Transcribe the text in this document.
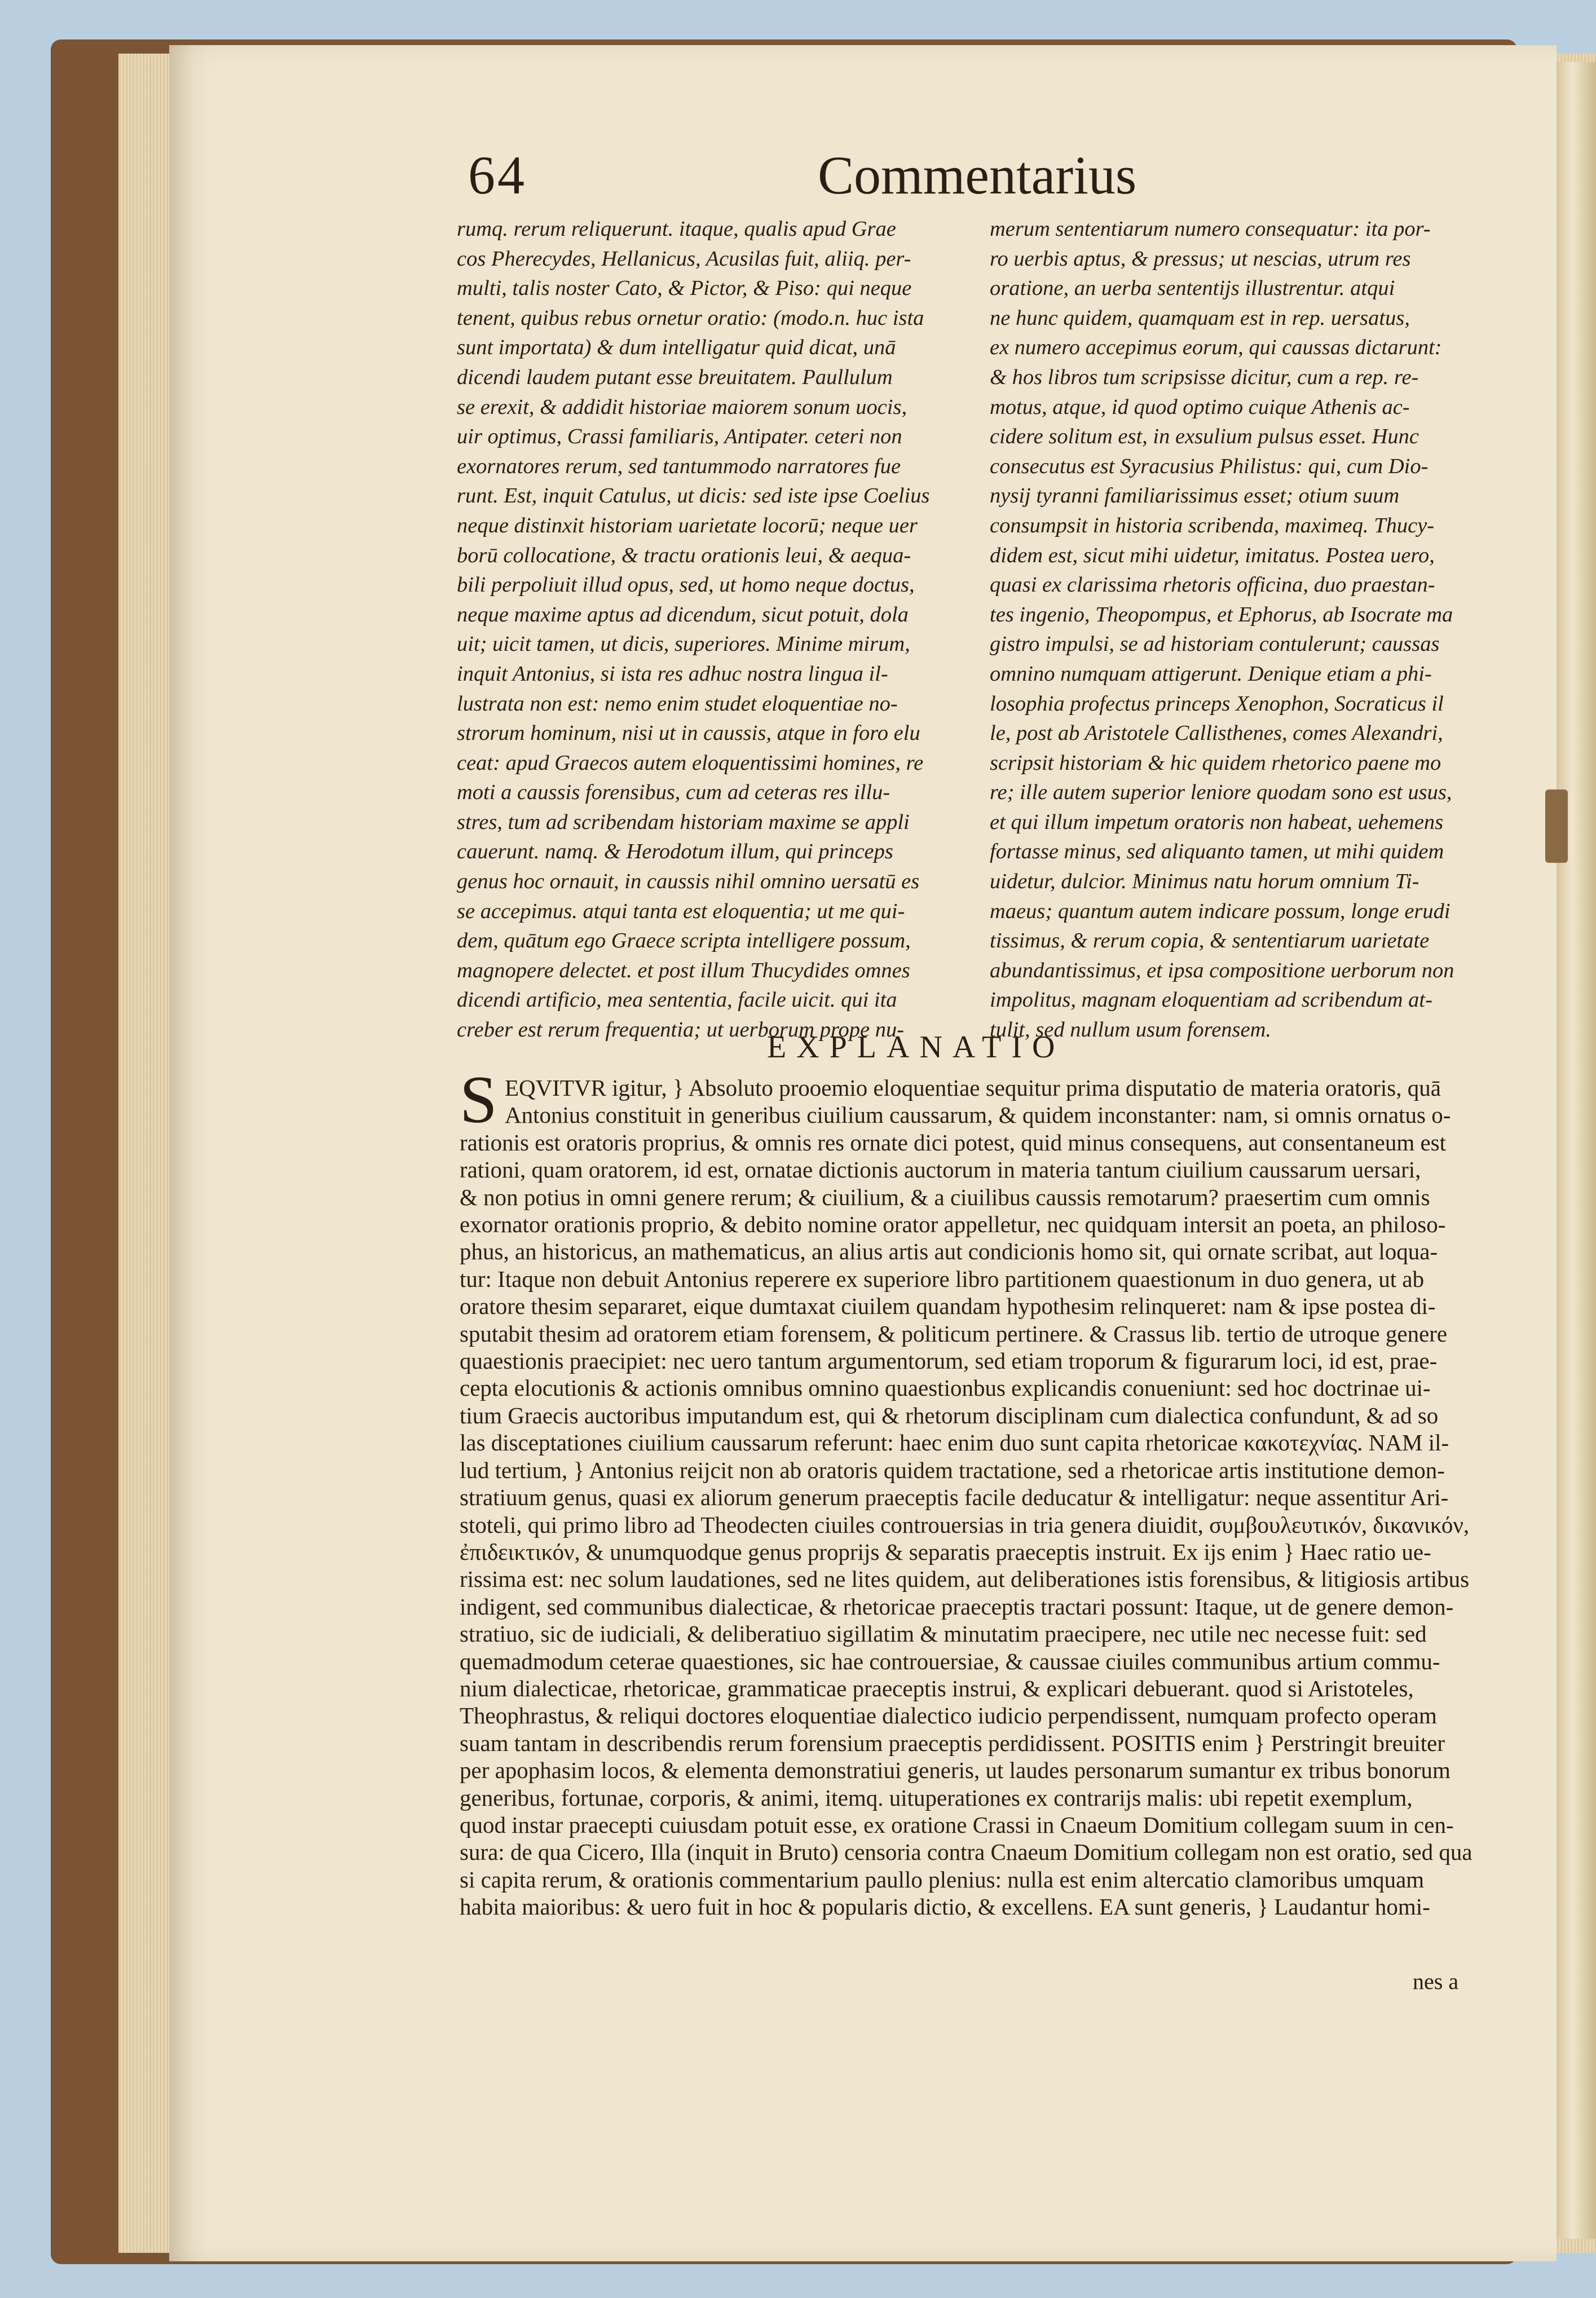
64	Commentarius
rumq. rerum reliquerunt. itaque, qualis apud Grae
cos Pherecydes, Hellanicus, Acusilas fuit, aliiq. per-
multi, talis noster Cato, & Pictor, & Piso: qui neque
tenent, quibus rebus ornetur oratio: (modo.n. huc ista
sunt importata) & dum intelligatur quid dicat, unā
dicendi laudem putant esse breuitatem. Paullulum
se erexit, & addidit historiae maiorem sonum uocis,
uir optimus, Crassi familiaris, Antipater. ceteri non
exornatores rerum, sed tantummodo narratores fue
runt. Est, inquit Catulus, ut dicis: sed iste ipse Coelius
neque distinxit historiam uarietate locorū; neque uer
borū collocatione, & tractu orationis leui, & aequa-
bili perpoliuit illud opus, sed, ut homo neque doctus,
neque maxime aptus ad dicendum, sicut potuit, dola
uit; uicit tamen, ut dicis, superiores. Minime mirum,
inquit Antonius, si ista res adhuc nostra lingua il-
lustrata non est: nemo enim studet eloquentiae no-
strorum hominum, nisi ut in caussis, atque in foro elu
ceat: apud Graecos autem eloquentissimi homines, re
moti a caussis forensibus, cum ad ceteras res illu-
stres, tum ad scribendam historiam maxime se appli
cauerunt. namq. & Herodotum illum, qui princeps
genus hoc ornauit, in caussis nihil omnino uersatū es
se accepimus. atqui tanta est eloquentia; ut me qui-
dem, quātum ego Graece scripta intelligere possum,
magnopere delectet. et post illum Thucydides omnes
dicendi artificio, mea sententia, facile uicit. qui ita
creber est rerum frequentia; ut uerborum prope nu-
merum sententiarum numero consequatur: ita por-
ro uerbis aptus, & pressus; ut nescias, utrum res
oratione, an uerba sententijs illustrentur. atqui
ne hunc quidem, quamquam est in rep. uersatus,
ex numero accepimus eorum, qui caussas dictarunt:
& hos libros tum scripsisse dicitur, cum a rep. re-
motus, atque, id quod optimo cuique Athenis ac-
cidere solitum est, in exsulium pulsus esset. Hunc
consecutus est Syracusius Philistus: qui, cum Dio-
nysij tyranni familiarissimus esset; otium suum
consumpsit in historia scribenda, maximeq. Thucy-
didem est, sicut mihi uidetur, imitatus. Postea uero,
quasi ex clarissima rhetoris officina, duo praestan-
tes ingenio, Theopompus, et Ephorus, ab Isocrate ma
gistro impulsi, se ad historiam contulerunt; caussas
omnino numquam attigerunt. Denique etiam a phi-
losophia profectus princeps Xenophon, Socraticus il
le, post ab Aristotele Callisthenes, comes Alexandri,
scripsit historiam & hic quidem rhetorico paene mo
re; ille autem superior leniore quodam sono est usus,
et qui illum impetum oratoris non habeat, uehemens
fortasse minus, sed aliquanto tamen, ut mihi quidem
uidetur, dulcior. Minimus natu horum omnium Ti-
maeus; quantum autem indicare possum, longe erudi
tissimus, & rerum copia, & sententiarum uarietate
abundantissimus, et ipsa compositione uerborum non
impolitus, magnam eloquentiam ad scribendum at-
tulit, sed nullum usum forensem.
EXPLANATIO
S EQVITVR igitur, } Absoluto prooemio eloquentiae sequitur prima disputatio de materia oratoris, quā
Antonius constituit in generibus ciuilium caussarum, & quidem inconstanter: nam, si omnis ornatus o-
rationis est oratoris proprius, & omnis res ornate dici potest, quid minus consequens, aut consentaneum est
rationi, quam oratorem, id est, ornatae dictionis auctorum in materia tantum ciuilium caussarum uersari,
& non potius in omni genere rerum; & ciuilium, & a ciuilibus caussis remotarum? praesertim cum omnis
exornator orationis proprio, & debito nomine orator appelletur, nec quidquam intersit an poeta, an philoso-
phus, an historicus, an mathematicus, an alius artis aut condicionis homo sit, qui ornate scribat, aut loqua-
tur: Itaque non debuit Antonius reperere ex superiore libro partitionem quaestionum in duo genera, ut ab
oratore thesim separaret, eique dumtaxat ciuilem quandam hypothesim relinqueret: nam & ipse postea di-
sputabit thesim ad oratorem etiam forensem, & politicum pertinere. & Crassus lib. tertio de utroque genere
quaestionis praecipiet: nec uero tantum argumentorum, sed etiam troporum & figurarum loci, id est, prae-
cepta elocutionis & actionis omnibus omnino quaestionbus explicandis conueniunt: sed hoc doctrinae ui-
tium Graecis auctoribus imputandum est, qui & rhetorum disciplinam cum dialectica confundunt, & ad so
las disceptationes ciuilium caussarum referunt: haec enim duo sunt capita rhetoricae κακοτεχνίας. NAM il-
lud tertium, } Antonius reijcit non ab oratoris quidem tractatione, sed a rhetoricae artis institutione demon-
stratiuum genus, quasi ex aliorum generum praeceptis facile deducatur & intelligatur: neque assentitur Ari-
stoteli, qui primo libro ad Theodecten ciuiles controuersias in tria genera diuidit, συμβουλευτικόν, δικανικόν,
ἐπιδεικτικόν, & unumquodque genus proprijs & separatis praeceptis instruit. Ex ijs enim } Haec ratio ue-
rissima est: nec solum laudationes, sed ne lites quidem, aut deliberationes istis forensibus, & litigiosis artibus
indigent, sed communibus dialecticae, & rhetoricae praeceptis tractari possunt: Itaque, ut de genere demon-
stratiuo, sic de iudiciali, & deliberatiuo sigillatim & minutatim praecipere, nec utile nec necesse fuit: sed
quemadmodum ceterae quaestiones, sic hae controuersiae, & caussae ciuiles communibus artium commu-
nium dialecticae, rhetoricae, grammaticae praeceptis instrui, & explicari debuerant. quod si Aristoteles,
Theophrastus, & reliqui doctores eloquentiae dialectico iudicio perpendissent, numquam profecto operam
suam tantam in describendis rerum forensium praeceptis perdidissent. POSITIS enim } Perstringit breuiter
per apophasim locos, & elementa demonstratiui generis, ut laudes personarum sumantur ex tribus bonorum
generibus, fortunae, corporis, & animi, itemq. uituperationes ex contrarijs malis: ubi repetit exemplum,
quod instar praecepti cuiusdam potuit esse, ex oratione Crassi in Cnaeum Domitium collegam suum in cen-
sura: de qua Cicero, Illa (inquit in Bruto) censoria contra Cnaeum Domitium collegam non est oratio, sed qua
si capita rerum, & orationis commentarium paullo plenius: nulla est enim altercatio clamoribus umquam
habita maioribus: & uero fuit in hoc & popularis dictio, & excellens. EA sunt generis, } Laudantur homi-
nes a
